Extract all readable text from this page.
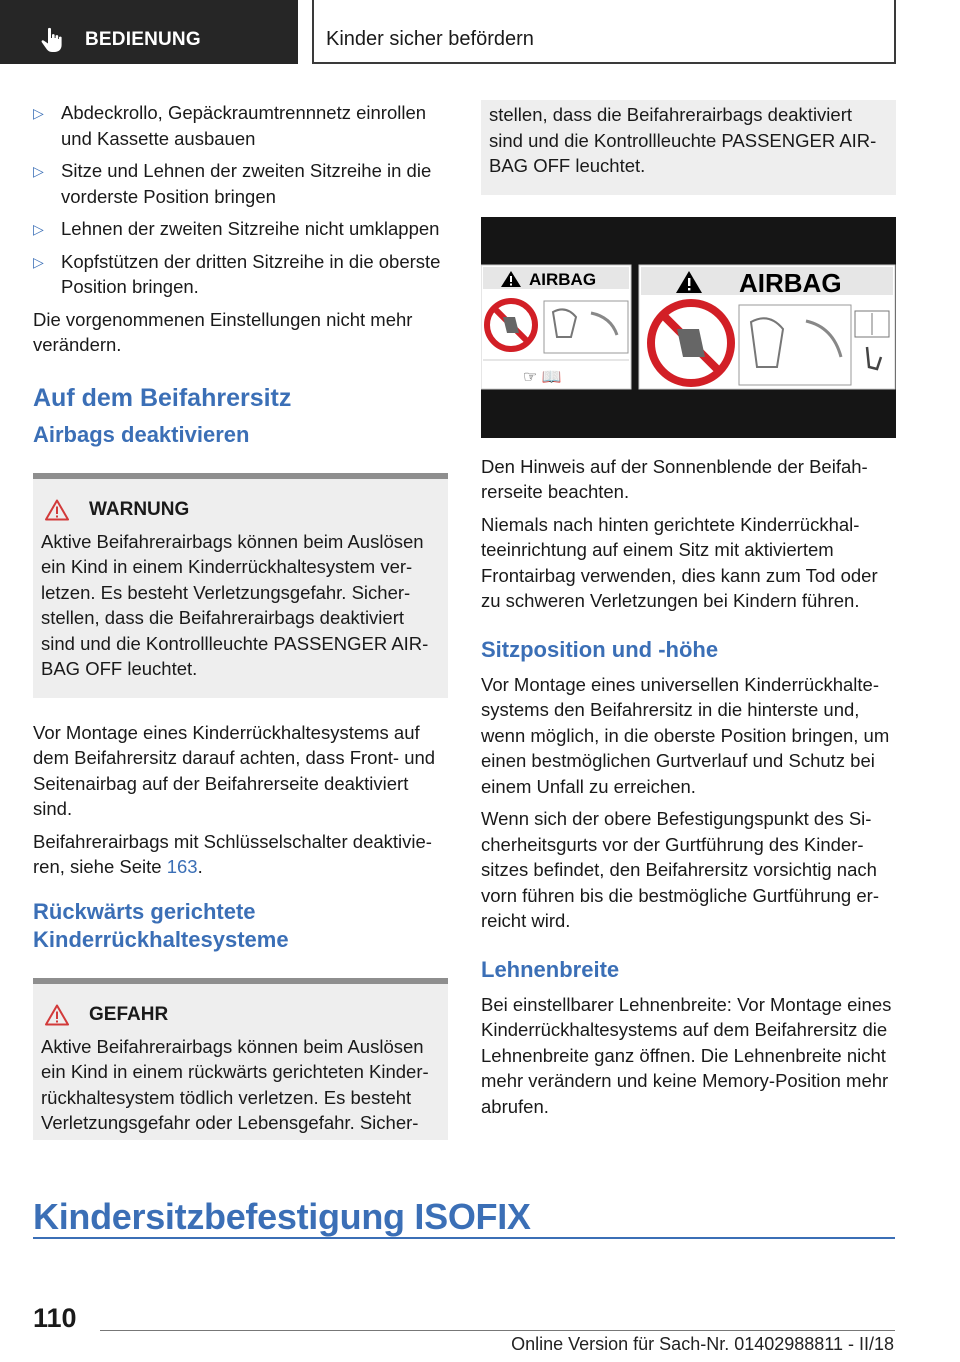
BEDIENUNG	Kinder sicher befördern
▷ Abdeckrollo, Gepäckraumtrennnetz einrollen und Kassette ausbauen
▷ Sitze und Lehnen der zweiten Sitzreihe in die vorderste Position bringen
▷ Lehnen der zweiten Sitzreihe nicht umklappen
▷ Kopfstützen der dritten Sitzreihe in die oberste Position bringen.
Die vorgenommenen Einstellungen nicht mehr verändern.
Auf dem Beifahrersitz
Airbags deaktivieren
WARNUNG
Aktive Beifahrerairbags können beim Auslösen ein Kind in einem Kinderrückhaltesystem verletzen. Es besteht Verletzungsgefahr. Sicherstellen, dass die Beifahrerairbags deaktiviert sind und die Kontrollleuchte PASSENGER AIRBAG OFF leuchtet.
Vor Montage eines Kinderrückhaltesystems auf dem Beifahrersitz darauf achten, dass Front- und Seitenairbag auf der Beifahrerseite deaktiviert sind.
Beifahrerairbags mit Schlüsselschalter deaktivieren, siehe Seite 163.
Rückwärts gerichtete Kinderrückhaltesysteme
GEFAHR
Aktive Beifahrerairbags können beim Auslösen ein Kind in einem rückwärts gerichteten Kinderrückhaltesystem tödlich verletzen. Es besteht Verletzungsgefahr oder Lebensgefahr. Sicher-
stellen, dass die Beifahrerairbags deaktiviert sind und die Kontrollleuchte PASSENGER AIRBAG OFF leuchtet.
AIRBAG
☞ 📖
AIRBAG
Den Hinweis auf der Sonnenblende der Beifahrerseite beachten.
Niemals nach hinten gerichtete Kinderrückhalteeinrichtung auf einem Sitz mit aktiviertem Frontairbag verwenden, dies kann zum Tod oder zu schweren Verletzungen bei Kindern führen.
Sitzposition und -höhe
Vor Montage eines universellen Kinderrückhaltesystems den Beifahrersitz in die hinterste und, wenn möglich, in die oberste Position bringen, um einen bestmöglichen Gurtverlauf und Schutz bei einem Unfall zu erreichen.
Wenn sich der obere Befestigungspunkt des Sicherheitsgurts vor der Gurtführung des Kindersitzes befindet, den Beifahrersitz vorsichtig nach vorn führen bis die bestmögliche Gurtführung erreicht wird.
Lehnenbreite
Bei einstellbarer Lehnenbreite: Vor Montage eines Kinderrückhaltesystems auf dem Beifahrersitz die Lehnenbreite ganz öffnen. Die Lehnenbreite nicht mehr verändern und keine Memory-Position mehr abrufen.
Kindersitzbefestigung ISOFIX
110
Online Version für Sach-Nr. 01402988811 - II/18
